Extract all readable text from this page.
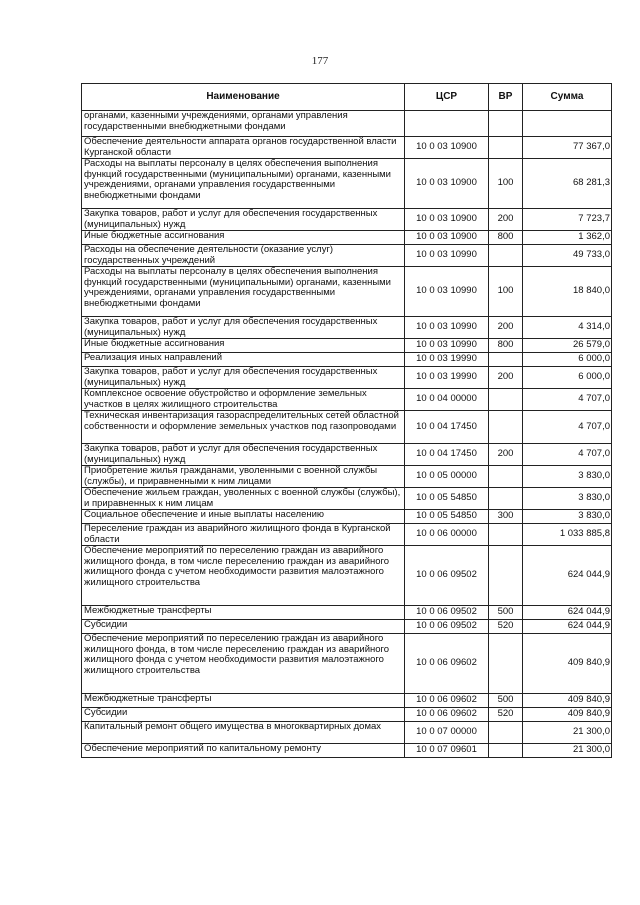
177
Наименование	ЦСР	ВР	Сумма
органами, казенными учреждениями, органами управления государственными внебюджетными фондами			
Обеспечение деятельности аппарата органов государственной власти Курганской области	10 0 03 10900		77 367,0
Расходы на выплаты персоналу в целях обеспечения выполнения функций государственными (муниципальными) органами, казенными учреждениями, органами управления государственными внебюджетными фондами	10 0 03 10900	100	68 281,3
Закупка товаров, работ и услуг для обеспечения государственных (муниципальных) нужд	10 0 03 10900	200	7 723,7
Иные бюджетные ассигнования	10 0 03 10900	800	1 362,0
Расходы на обеспечение деятельности (оказание услуг) государственных учреждений	10 0 03 10990		49 733,0
Расходы на выплаты персоналу в целях обеспечения выполнения функций государственными (муниципальными) органами, казенными учреждениями, органами управления государственными внебюджетными фондами	10 0 03 10990	100	18 840,0
Закупка товаров, работ и услуг для обеспечения государственных (муниципальных) нужд	10 0 03 10990	200	4 314,0
Иные бюджетные ассигнования	10 0 03 10990	800	26 579,0
Реализация иных направлений	10 0 03 19990		6 000,0
Закупка товаров, работ и услуг для обеспечения государственных (муниципальных) нужд	10 0 03 19990	200	6 000,0
Комплексное освоение обустройство и оформление земельных участков в целях жилищного строительства	10 0 04 00000		4 707,0
Техническая инвентаризация газораспределительных сетей областной собственности и оформление земельных участков под газопроводами	10 0 04 17450		4 707,0
Закупка товаров, работ и услуг для обеспечения государственных (муниципальных) нужд	10 0 04 17450	200	4 707,0
Приобретение жилья гражданами, уволенными с военной службы (службы), и приравненными к ним лицами	10 0 05 00000		3 830,0
Обеспечение жильем граждан, уволенных с военной службы (службы), и приравненных к ним лицам	10 0 05 54850		3 830,0
Социальное обеспечение и иные выплаты населению	10 0 05 54850	300	3 830,0
Переселение граждан из аварийного жилищного фонда в Курганской области	10 0 06 00000		1 033 885,8
Обеспечение мероприятий по переселению граждан из аварийного жилищного фонда, в том числе переселению граждан из аварийного жилищного фонда с учетом необходимости развития малоэтажного жилищного строительства	10 0 06 09502		624 044,9
Межбюджетные трансферты	10 0 06 09502	500	624 044,9
Субсидии	10 0 06 09502	520	624 044,9
Обеспечение мероприятий по переселению граждан из аварийного жилищного фонда, в том числе переселению граждан из аварийного жилищного фонда с учетом необходимости развития малоэтажного жилищного строительства	10 0 06 09602		409 840,9
Межбюджетные трансферты	10 0 06 09602	500	409 840,9
Субсидии	10 0 06 09602	520	409 840,9
Капитальный ремонт общего имущества в многоквартирных домах	10 0 07 00000		21 300,0
Обеспечение мероприятий по капитальному ремонту	10 0 07 09601		21 300,0
